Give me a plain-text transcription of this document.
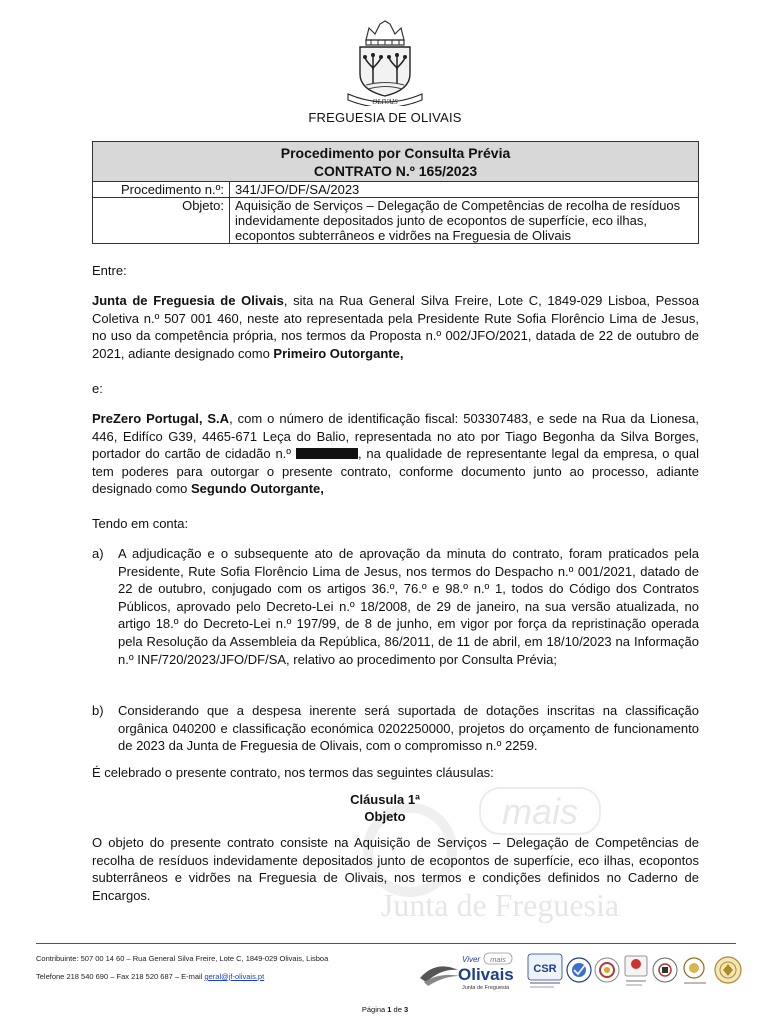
OLIVAIS
FREGUESIA DE OLIVAIS
Procedimento por Consulta Prévia
CONTRATO N.º 165/2023	

Procedimento n.º:	341/JFO/DF/SA/2023
Objeto:	Aquisição de Serviços – Delegação de Competências de recolha de resíduos indevidamente depositados junto de ecopontos de superfície, eco ilhas, ecopontos subterrâneos e vidrões na Freguesia de Olivais
Entre:

Junta de Freguesia de Olivais, sita na Rua General Silva Freire, Lote C, 1849-029 Lisboa, Pessoa Coletiva n.º 507 001 460, neste ato representada pela Presidente Rute Sofia Florêncio Lima de Jesus, no uso da competência própria, nos termos da Proposta n.º 002/JFO/2021, datada de 22 de outubro de 2021, adiante designado como Primeiro Outorgante,

e:

PreZero Portugal, S.A, com o número de identificação fiscal: 503307483, e sede na Rua da Lionesa, 446, Edifíco G39, 4465-671 Leça do Balio, representada no ato por Tiago Begonha da Silva Borges, portador do cartão de cidadão n.º	, na qualidade de representante legal da empresa, o qual tem poderes para outorgar o presente contrato, conforme documento junto ao processo, adiante designado como Segundo Outorgante,

Tendo em conta:
a) A adjudicação e o subsequente ato de aprovação da minuta do contrato, foram praticados pela Presidente, Rute Sofia Florêncio Lima de Jesus, nos termos do Despacho n.º 001/2021, datado de 22 de outubro, conjugado com os artigos 36.º, 76.º e 98.º n.º 1, todos do Código dos Contratos Públicos, aprovado pelo Decreto-Lei n.º 18/2008, de 29 de janeiro, na sua versão atualizada, no artigo 18.º do Decreto-Lei n.º 197/99, de 8 de junho, em vigor por força da repristinação operada pela Resolução da Assembleia da República, 86/2011, de 11 de abril, em 18/10/2023 na Informação n.º INF/720/2023/JFO/DF/SA, relativo ao procedimento por Consulta Prévia;

b) Considerando que a despesa inerente será suportada de dotações inscritas na classificação orgânica 040200 e classificação económica 0202250000, projetos do orçamento de funcionamento de 2023 da Junta de Freguesia de Olivais, com o compromisso n.º 2259.

É celebrado o presente contrato, nos termos das seguintes cláusulas:
mais
Junta de Freguesia
Cláusula 1ª
Objeto

O objeto do presente contrato consiste na Aquisição de Serviços – Delegação de Competências de recolha de resíduos indevidamente depositados junto de ecopontos de superfície, eco ilhas, ecopontos subterrâneos e vidrões na Freguesia de Olivais, nos termos e condições definidos no Caderno de Encargos.

Contribuinte: 507 00 14 60 – Rua General Silva Freire, Lote C, 1849-029 Olivais, Lisboa
Telefone 218 540 690 – Fax 218 520 687 – E-mail geral@jf-olivais.pt
Viver mais
Olivais
Junta de Freguesia
CSR
Página 1 de 3
